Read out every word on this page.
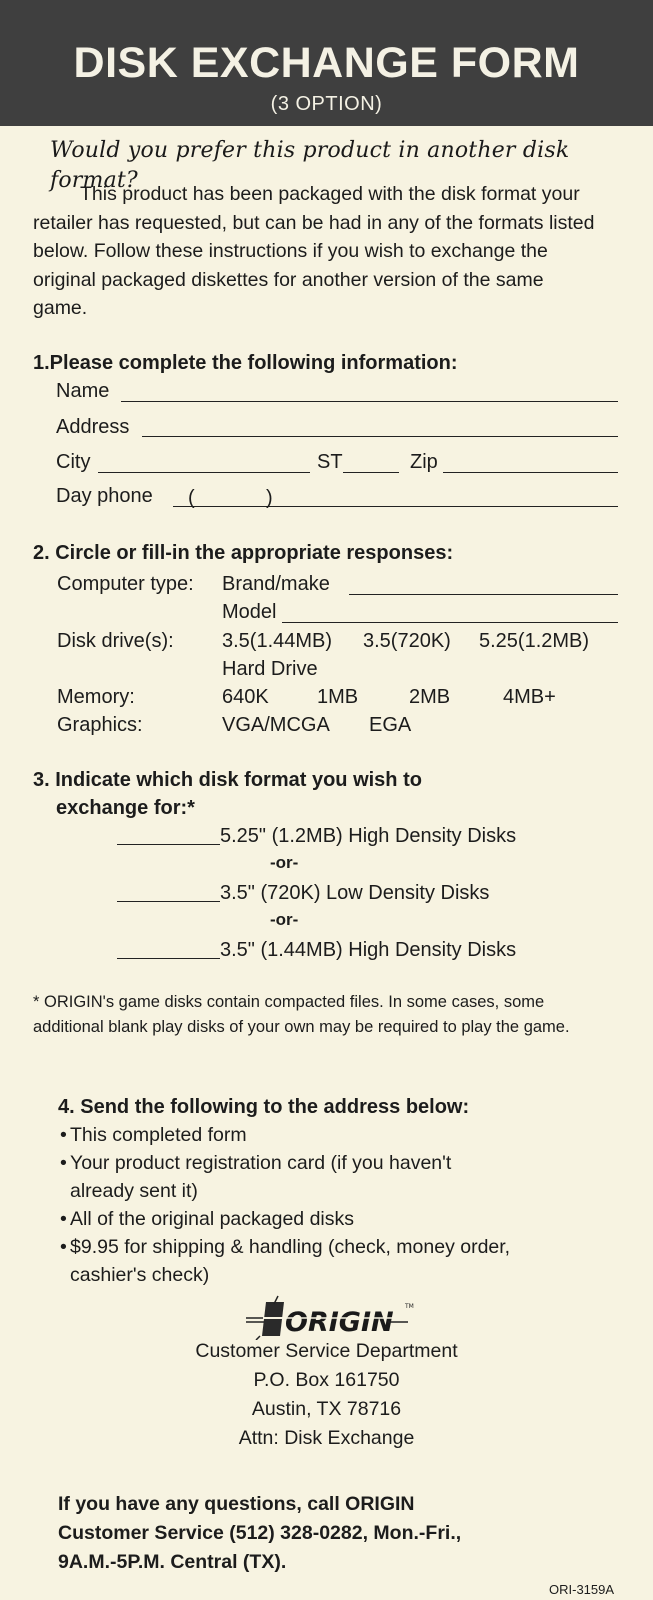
DISK EXCHANGE FORM
(3 OPTION)
Would you prefer this product in another disk format?
This product has been packaged with the disk format your retailer has requested, but can be had in any of the formats listed below. Follow these instructions if you wish to exchange the original packaged diskettes for another version of the same game.
1.Please complete the following information:
Name
Address
City	ST	Zip
Day phone (	)
2. Circle or fill-in the appropriate responses:
Computer type: Brand/make
Model
Disk drive(s): 3.5(1.44MB) 3.5(720K) 5.25(1.2MB)
Hard Drive
Memory:	640K 1MB	2MB	4MB+
Graphics:	VGA/MCGA EGA
3. Indicate which disk format you wish to
exchange for:*
5.25" (1.2MB) High Density Disks
-or-
3.5" (720K) Low Density Disks
-or-
3.5" (1.44MB) High Density Disks
* ORIGIN's game disks contain compacted files. In some cases, some additional blank play disks of your own may be required to play the game.
4. Send the following to the address below:
• This completed form
• Your product registration card (if you haven't
already sent it)
• All of the original packaged disks
• $9.95 for shipping & handling (check, money order,
cashier's check)
ORIGIN
TM
Customer Service Department
P.O. Box 161750
Austin, TX 78716
Attn: Disk Exchange
If you have any questions, call ORIGIN
Customer Service (512) 328-0282, Mon.-Fri.,
9A.M.-5P.M. Central (TX).
ORI-3159A
